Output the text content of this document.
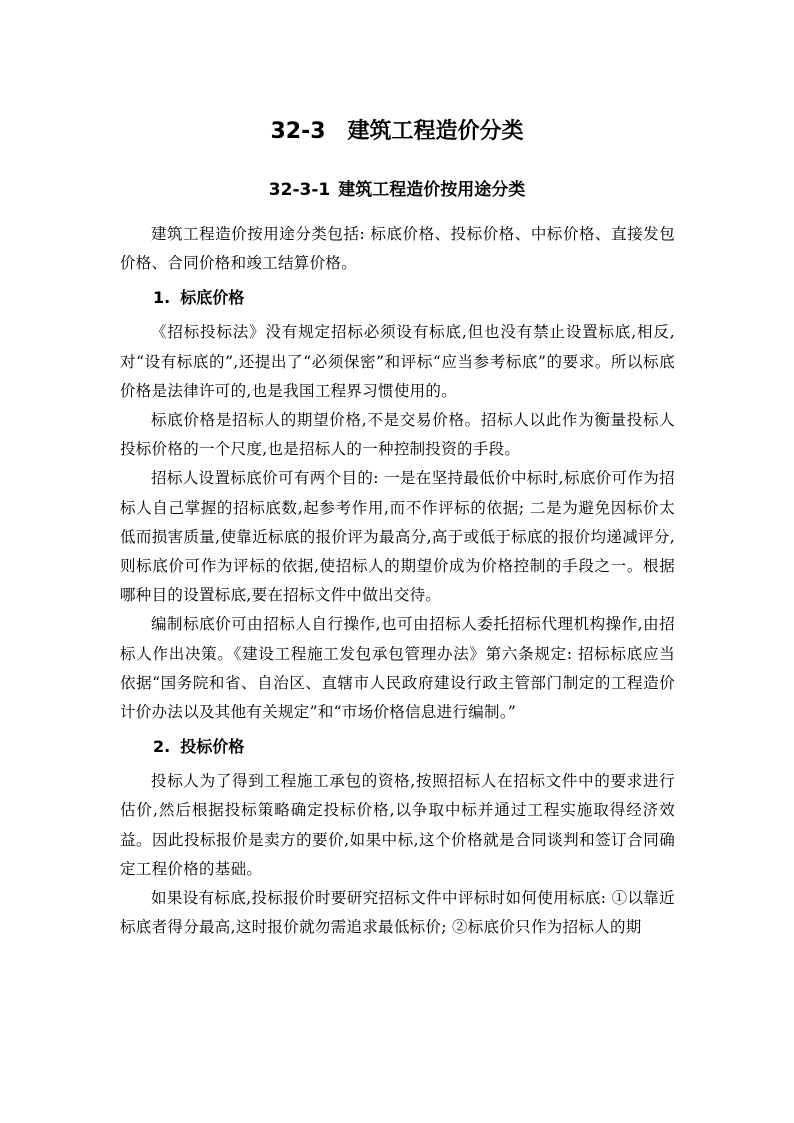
32-3 建筑工程造价分类
32-3-1 建筑工程造价按用途分类

建筑工程造价按用途分类包括: 标底价格、投标价格、中标价格、直接发包价格、合同价格和竣工结算价格。

1. 标底价格

《招标投标法》没有规定招标必须设有标底,但也没有禁止设置标底,相反,对“设有标底的”,还提出了“必须保密”和评标“应当参考标底”的要求。所以标底价格是法律许可的,也是我国工程界习惯使用的。

标底价格是招标人的期望价格,不是交易价格。招标人以此作为衡量投标人投标价格的一个尺度,也是招标人的一种控制投资的手段。

招标人设置标底价可有两个目的: 一是在坚持最低价中标时,标底价可作为招标人自己掌握的招标底数,起参考作用,而不作评标的依据; 二是为避免因标价太低而损害质量,使靠近标底的报价评为最高分,高于或低于标底的报价均递减评分,则标底价可作为评标的依据,使招标人的期望价成为价格控制的手段之一。根据哪种目的设置标底,要在招标文件中做出交待。

编制标底价可由招标人自行操作,也可由招标人委托招标代理机构操作,由招标人作出决策。《建设工程施工发包承包管理办法》第六条规定: 招标标底应当依据“国务院和省、自治区、直辖市人民政府建设行政主管部门制定的工程造价计价办法以及其他有关规定”和“市场价格信息进行编制。”

2. 投标价格

投标人为了得到工程施工承包的资格,按照招标人在招标文件中的要求进行估价,然后根据投标策略确定投标价格,以争取中标并通过工程实施取得经济效益。因此投标报价是卖方的要价,如果中标,这个价格就是合同谈判和签订合同确定工程价格的基础。

如果设有标底,投标报价时要研究招标文件中评标时如何使用标底: ①以靠近标底者得分最高,这时报价就勿需追求最低标价; ②标底价只作为招标人的期
